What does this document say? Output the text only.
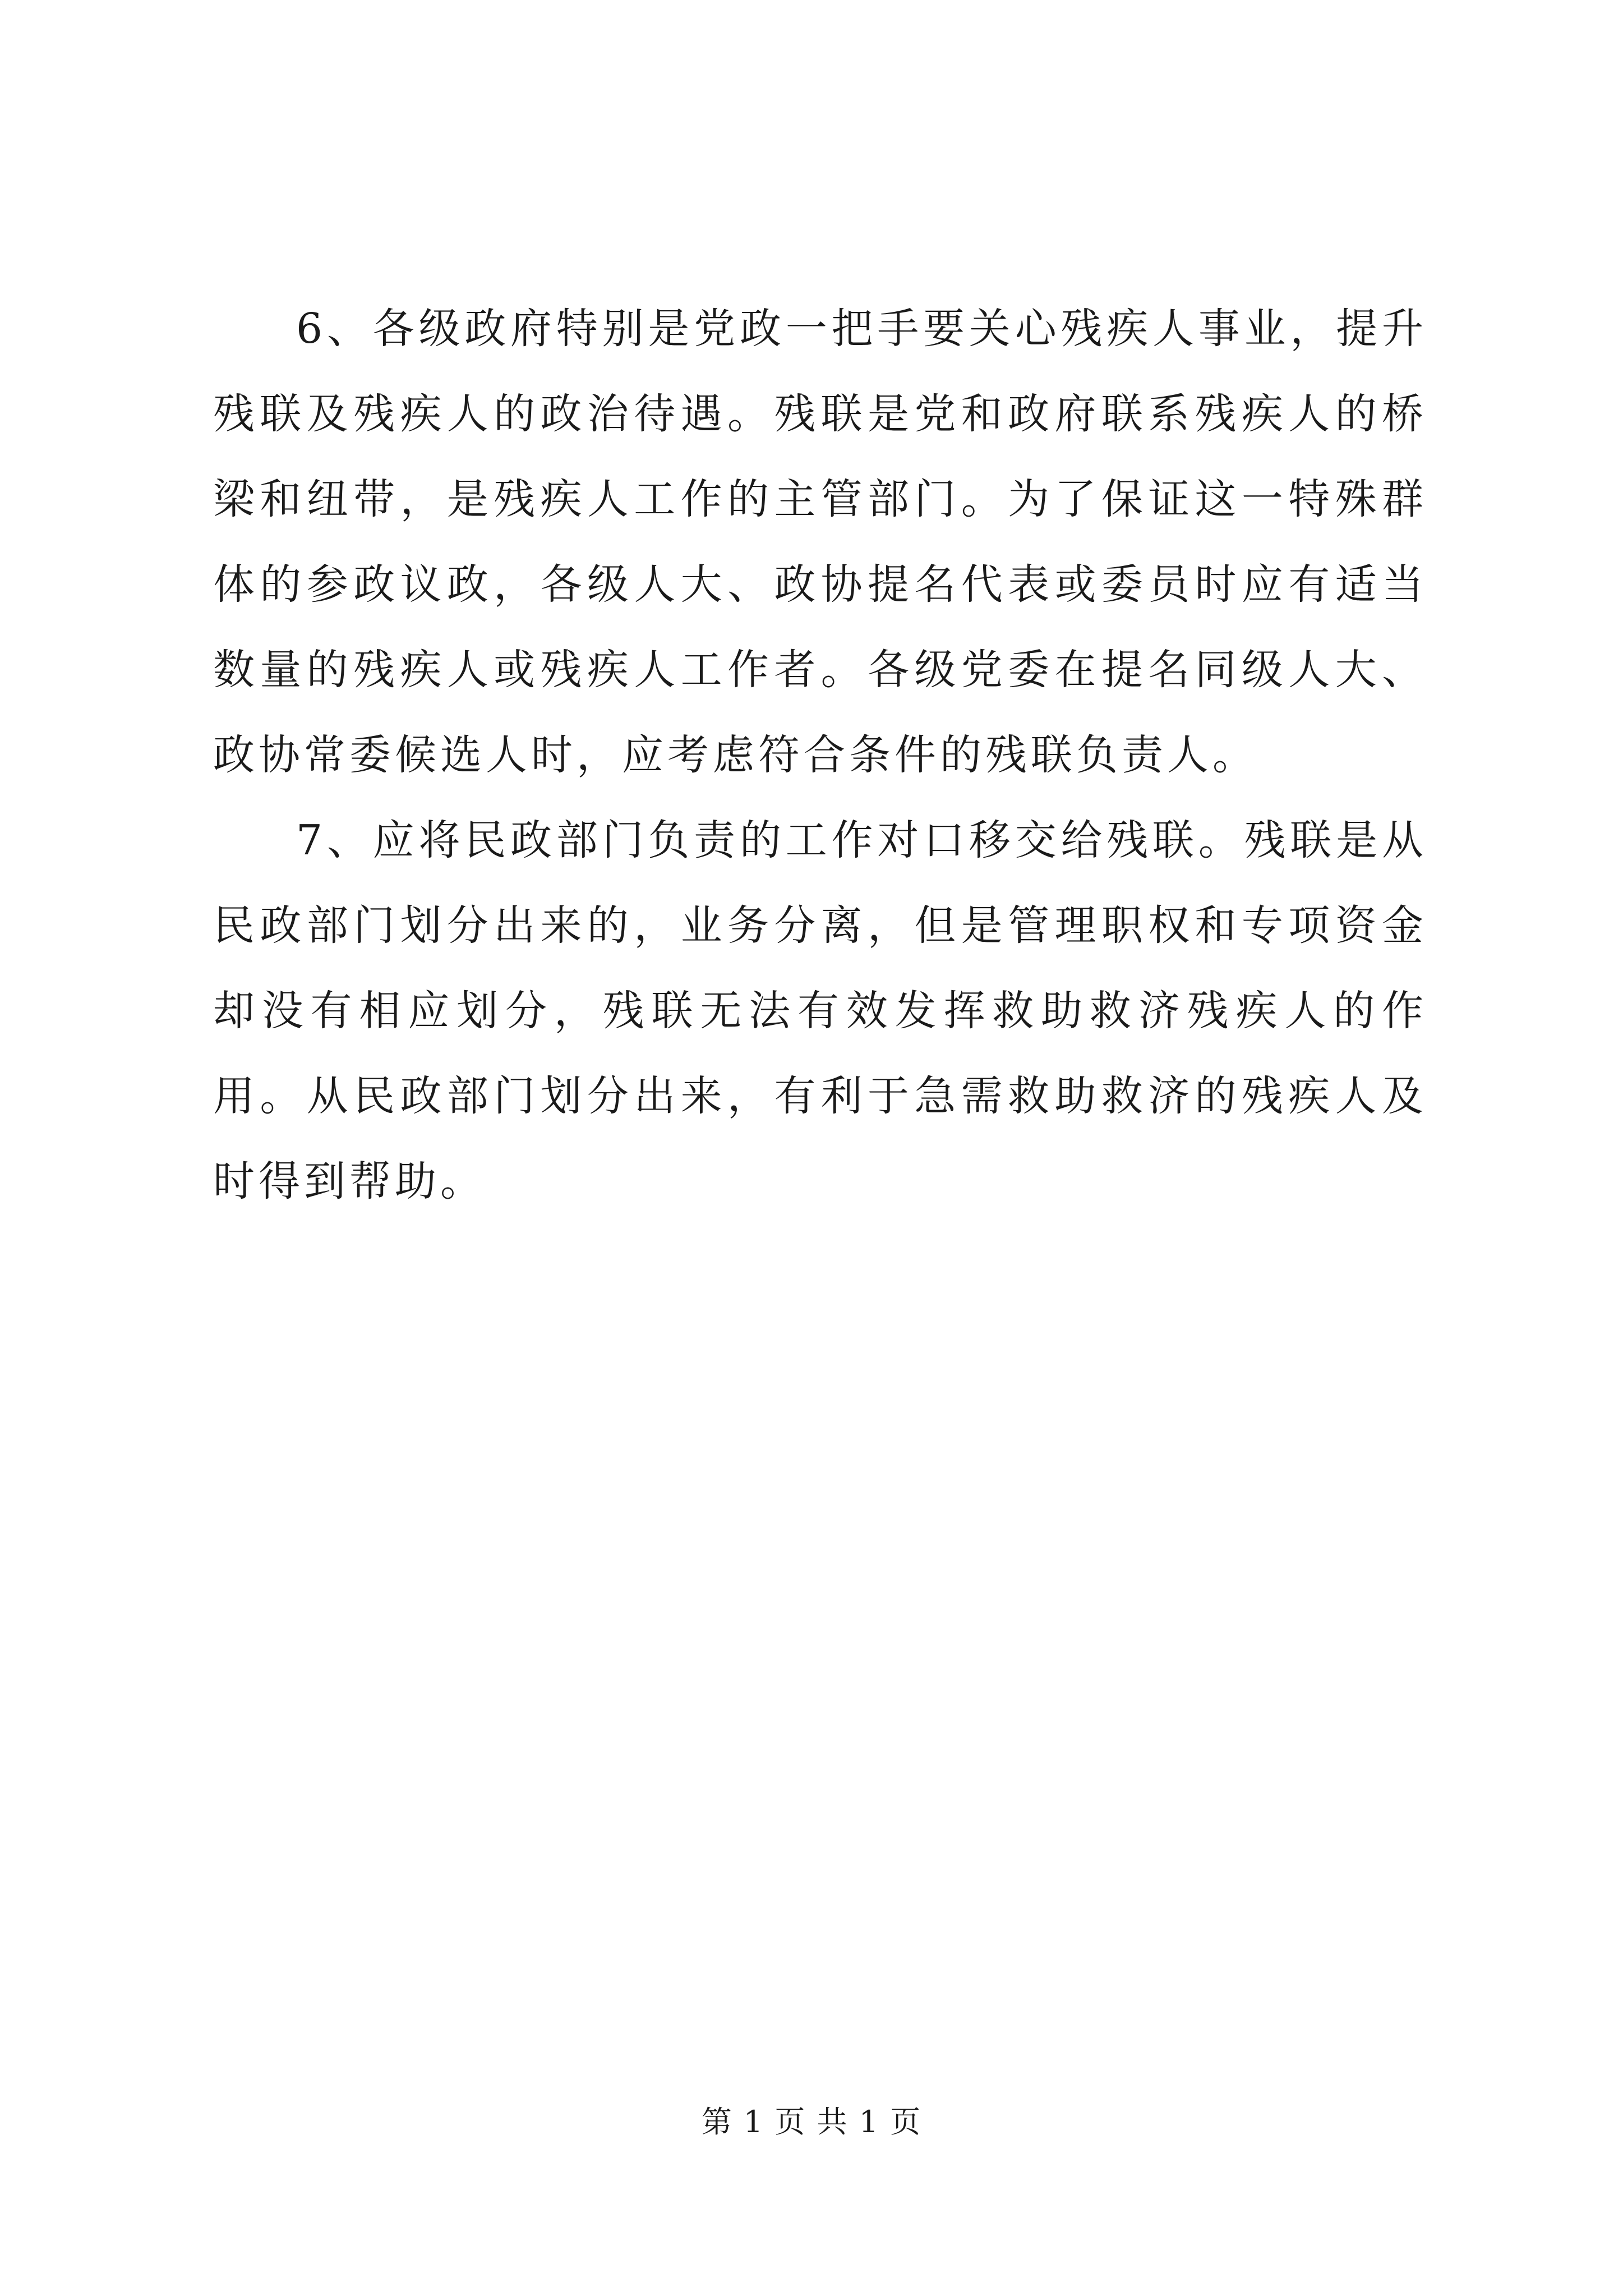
6、各级政府特别是党政一把手要关心残疾人事业，提升残联及残疾人的政治待遇。残联是党和政府联系残疾人的桥梁和纽带，是残疾人工作的主管部门。为了保证这一特殊群体的参政议政，各级人大、政协提名代表或委员时应有适当数量的残疾人或残疾人工作者。各级党委在提名同级人大、政协常委候选人时，应考虑符合条件的残联负责人。

7、应将民政部门负责的工作对口移交给残联。残联是从民政部门划分出来的，业务分离，但是管理职权和专项资金却没有相应划分，残联无法有效发挥救助救济残疾人的作用。从民政部门划分出来，有利于急需救助救济的残疾人及时得到帮助。

第 1 页 共 1 页
